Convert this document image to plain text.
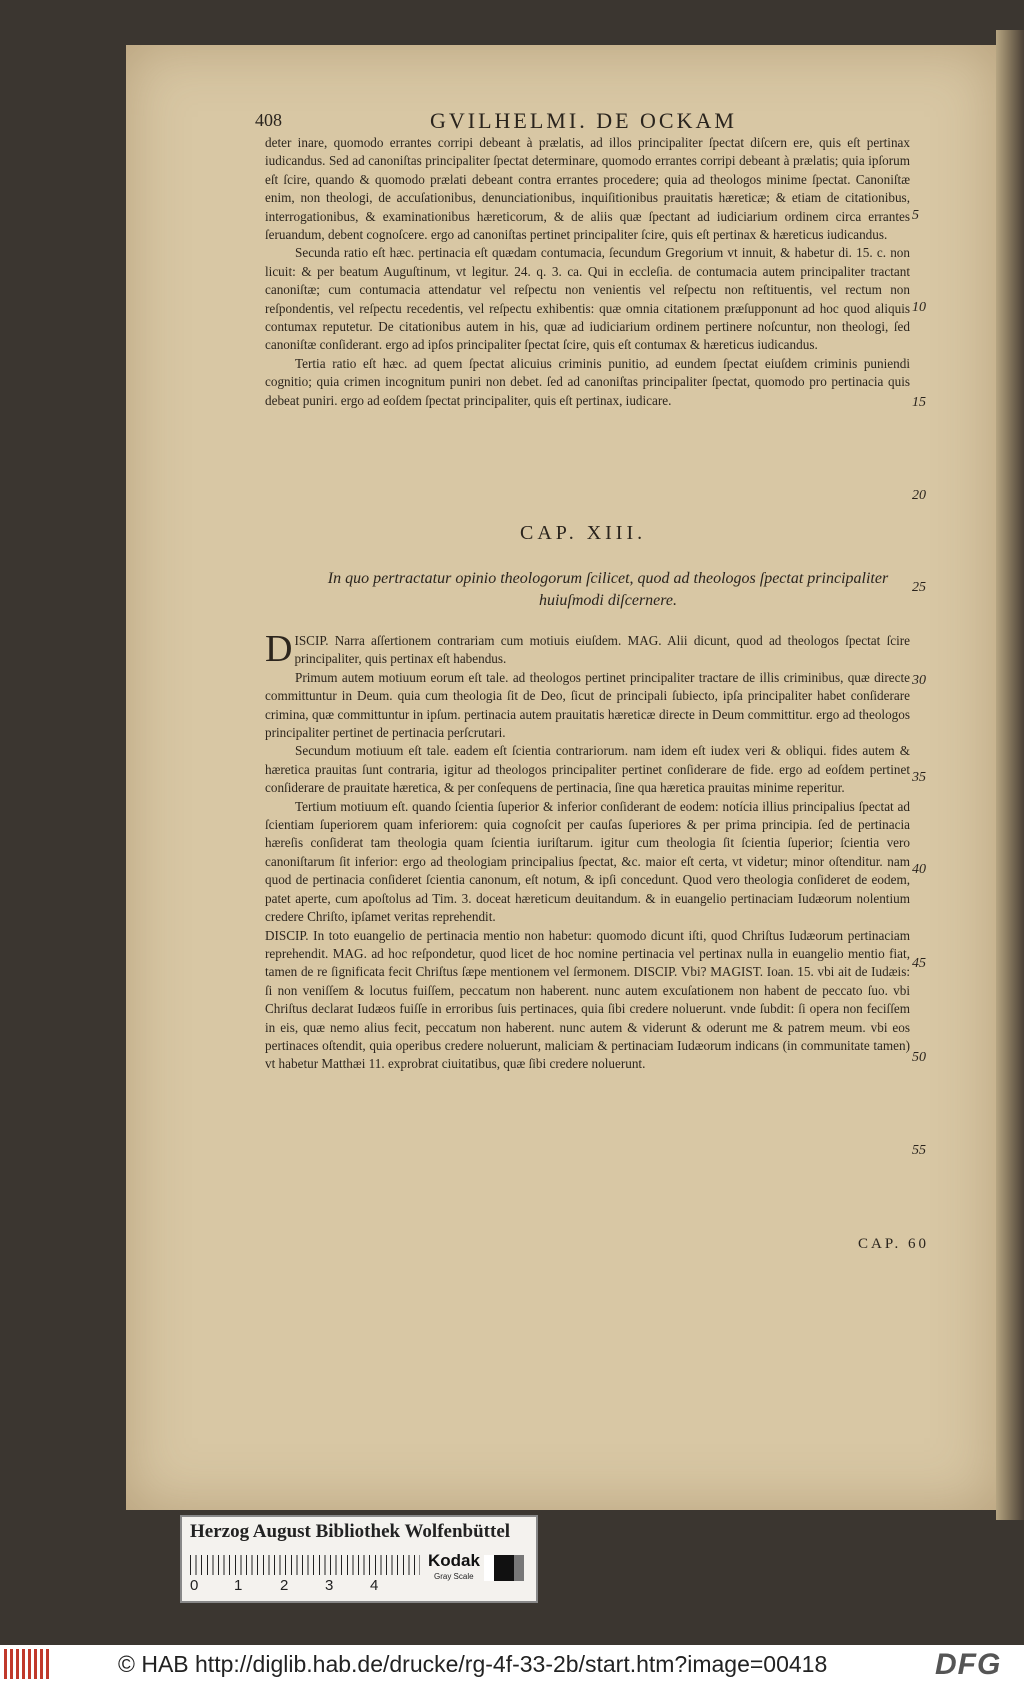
408	GVILHELMI. DE OCKAM

deter inare, quomodo errantes corripi debeant à prælatis, ad illos principaliter ſpectat diſcern ere, quis eſt pertinax iudicandus. Sed ad canoniſtas principaliter ſpectat determinare, quomodo errantes corripi debeant à prælatis; quia ipſorum eſt ſcire, quando & quomodo prælati debeant contra errantes procedere; quia ad theologos minime ſpectat. Canoniſtæ enim, non theologi, de accuſationibus, denunciationibus, inquiſitionibus prauitatis hæreticæ; & etiam de citationibus, interrogationibus, & examinationibus hæreticorum, & de aliis quæ ſpectant ad iudiciarium ordinem circa errantes ſeruandum, debent cognoſcere. ergo ad canoniſtas pertinet principaliter ſcire, quis eſt pertinax & hæreticus iudicandus.

Secunda ratio eſt hæc. pertinacia eſt quædam contumacia, ſecundum Gregorium vt innuit, & habetur di. 15. c. non licuit: & per beatum Auguſtinum, vt legitur. 24. q. 3. ca. Qui in eccleſia. de contumacia autem principaliter tractant canoniſtæ; cum contumacia attendatur vel reſpectu non venientis vel reſpectu non reſtituentis, vel rectum non reſpondentis, vel reſpectu recedentis, vel reſpectu exhibentis: quæ omnia citationem præſupponunt ad hoc quod aliquis contumax reputetur. De citationibus autem in his, quæ ad iudiciarium ordinem pertinere noſcuntur, non theologi, ſed canoniſtæ conſiderant. ergo ad ipſos principaliter ſpectat ſcire, quis eſt contumax & hæreticus iudicandus.

Tertia ratio eſt hæc. ad quem ſpectat alicuius criminis punitio, ad eundem ſpectat eiuſdem criminis puniendi cognitio; quia crimen incognitum puniri non debet. ſed ad canoniſtas principaliter ſpectat, quomodo pro pertinacia quis debeat puniri. ergo ad eoſdem ſpectat principaliter, quis eſt pertinax, iudicare.

5
10
15
20
25
30
35
40
45
50
55
CAP. XIII.
In quo pertractatur opinio theologorum ſcilicet, quod ad theologos ſpectat principaliter huiuſmodi diſcernere.

DISCIP. Narra aſſertionem contrariam cum motiuis eiuſdem. MAG. Alii dicunt, quod ad theologos ſpectat ſcire principaliter, quis pertinax eſt habendus.

Primum autem motiuum eorum eſt tale. ad theologos pertinet principaliter tractare de illis criminibus, quæ directe committuntur in Deum. quia cum theologia ſit de Deo, ſicut de principali ſubiecto, ipſa principaliter habet conſiderare crimina, quæ committuntur in ipſum. pertinacia autem prauitatis hæreticæ directe in Deum committitur. ergo ad theologos principaliter pertinet de pertinacia perſcrutari.

Secundum motiuum eſt tale. eadem eſt ſcientia contrariorum. nam idem eſt iudex veri & obliqui. fides autem & hæretica prauitas ſunt contraria, igitur ad theologos principaliter pertinet conſiderare de fide. ergo ad eoſdem pertinet conſiderare de prauitate hæretica, & per conſequens de pertinacia, ſine qua hæretica prauitas minime reperitur.

Tertium motiuum eſt. quando ſcientia ſuperior & inferior conſiderant de eodem: notícia illius principalius ſpectat ad ſcientiam ſuperiorem quam inferiorem: quia cognoſcit per cauſas ſuperiores & per prima principia. ſed de pertinacia hæreſis conſiderat tam theologia quam ſcientia iuriſtarum. igitur cum theologia ſit ſcientia ſuperior; ſcientia vero canoniſtarum ſit inferior: ergo ad theologiam principalius ſpectat, &c. maior eſt certa, vt videtur; minor oſtenditur. nam quod de pertinacia conſideret ſcientia canonum, eſt notum, & ipſi concedunt. Quod vero theologia conſideret de eodem, patet aperte, cum apoſtolus ad Tim. 3. doceat hæreticum deuitandum. & in euangelio pertinaciam Iudæorum nolentium credere Chriſto, ipſamet veritas reprehendit.

DISCIP. In toto euangelio de pertinacia mentio non habetur: quomodo dicunt iſti, quod Chriſtus Iudæorum pertinaciam reprehendit. MAG. ad hoc reſpondetur, quod licet de hoc nomine pertinacia vel pertinax nulla in euangelio mentio fiat, tamen de re ſignificata fecit Chriſtus ſæpe mentionem vel ſermonem. DISCIP. Vbi? MAGIST. Ioan. 15. vbi ait de Iudæis: ſi non veniſſem & locutus fuiſſem, peccatum non haberent. nunc autem excuſationem non habent de peccato ſuo. vbi Chriſtus declarat Iudæos fuiſſe in erroribus ſuis pertinaces, quia ſibi credere noluerunt. vnde ſubdit: ſi opera non feciſſem in eis, quæ nemo alius fecit, peccatum non haberent. nunc autem & viderunt & oderunt me & patrem meum. vbi eos pertinaces oſtendit, quia operibus credere noluerunt, maliciam & pertinaciam Iudæorum indicans (in communitate tamen) vt habetur Matthæi 11. exprobrat ciuitatibus, quæ ſibi credere noluerunt.

CAP. 60
Herzog August Bibliothek Wolfenbüttel
0 1	2 3 4
Kodak
Gray Scale
© HAB http://diglib.hab.de/drucke/rg-4f-33-2b/start.htm?image=00418	DFG
